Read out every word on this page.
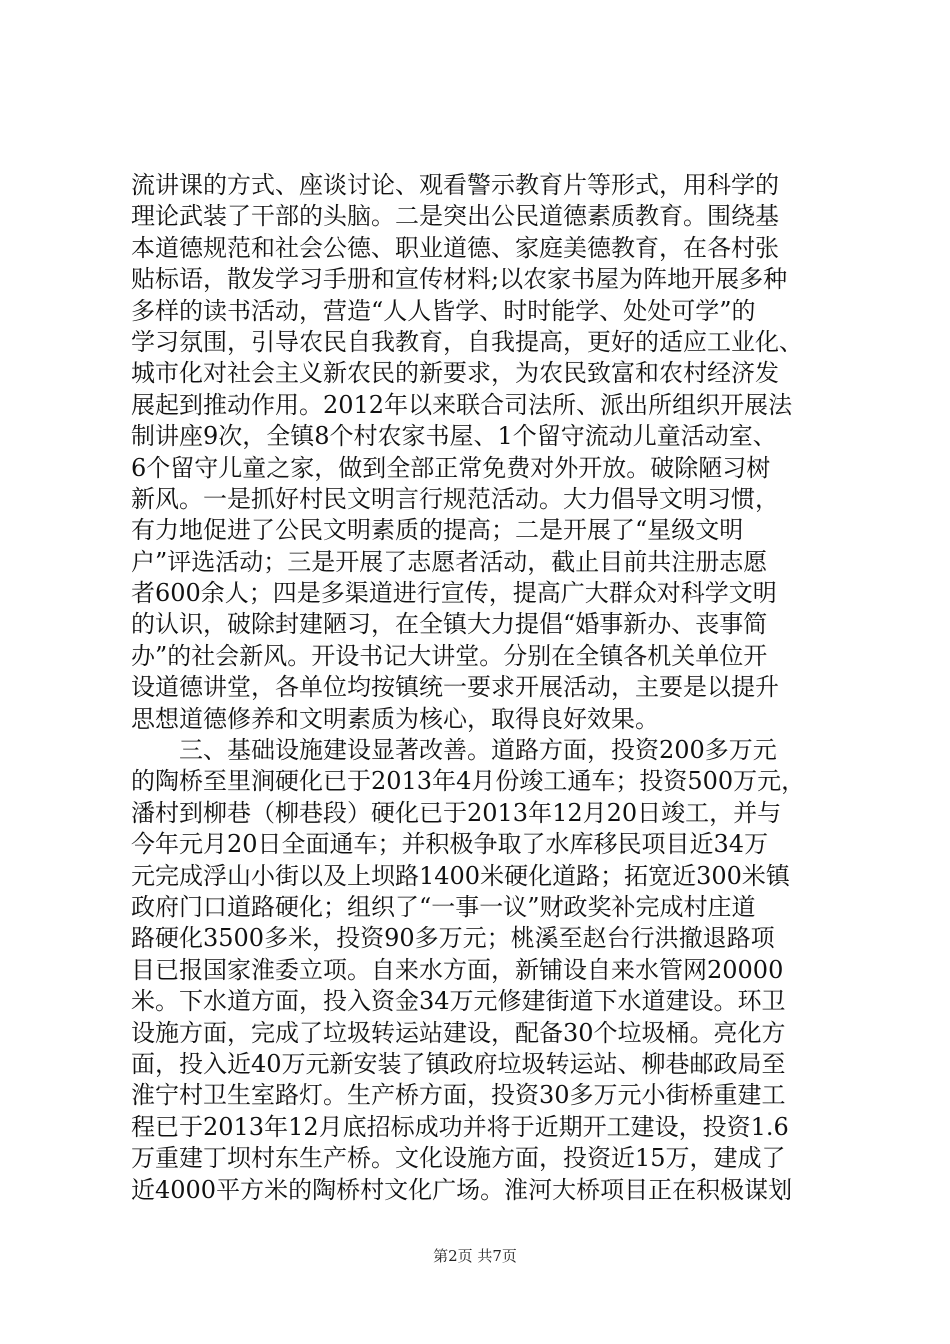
流讲课的方式、座谈讨论、观看警示教育片等形式，用科学的
理论武装了干部的头脑。二是突出公民道德素质教育。围绕基
本道德规范和社会公德、职业道德、家庭美德教育，在各村张
贴标语，散发学习手册和宣传材料;以农家书屋为阵地开展多种
多样的读书活动，营造“人人皆学、时时能学、处处可学”的
学习氛围，引导农民自我教育，自我提高，更好的适应工业化、
城市化对社会主义新农民的新要求，为农民致富和农村经济发
展起到推动作用。2012年以来联合司法所、派出所组织开展法
制讲座9次，全镇8个村农家书屋、1个留守流动儿童活动室、
6个留守儿童之家，做到全部正常免费对外开放。破除陋习树
新风。一是抓好村民文明言行规范活动。大力倡导文明习惯，
有力地促进了公民文明素质的提高；二是开展了“星级文明
户”评选活动；三是开展了志愿者活动，截止目前共注册志愿
者600余人；四是多渠道进行宣传，提高广大群众对科学文明
的认识，破除封建陋习，在全镇大力提倡“婚事新办、丧事简
办”的社会新风。开设书记大讲堂。分别在全镇各机关单位开
设道德讲堂，各单位均按镇统一要求开展活动，主要是以提升
思想道德修养和文明素质为核心，取得良好效果。
三、基础设施建设显著改善。道路方面，投资200多万元
的陶桥至里涧硬化已于2013年4月份竣工通车；投资500万元，
潘村到柳巷（柳巷段）硬化已于2013年12月20日竣工，并与
今年元月20日全面通车；并积极争取了水库移民项目近34万
元完成浮山小街以及上坝路1400米硬化道路；拓宽近300米镇
政府门口道路硬化；组织了“一事一议”财政奖补完成村庄道
路硬化3500多米，投资90多万元；桃溪至赵台行洪撤退路项
目已报国家淮委立项。自来水方面，新铺设自来水管网20000
米。下水道方面，投入资金34万元修建街道下水道建设。环卫
设施方面，完成了垃圾转运站建设，配备30个垃圾桶。亮化方
面，投入近40万元新安装了镇政府垃圾转运站、柳巷邮政局至
淮宁村卫生室路灯。生产桥方面，投资30多万元小街桥重建工
程已于2013年12月底招标成功并将于近期开工建设，投资1.6
万重建丁坝村东生产桥。文化设施方面，投资近15万，建成了
近4000平方米的陶桥村文化广场。淮河大桥项目正在积极谋划
第2页 共7页
